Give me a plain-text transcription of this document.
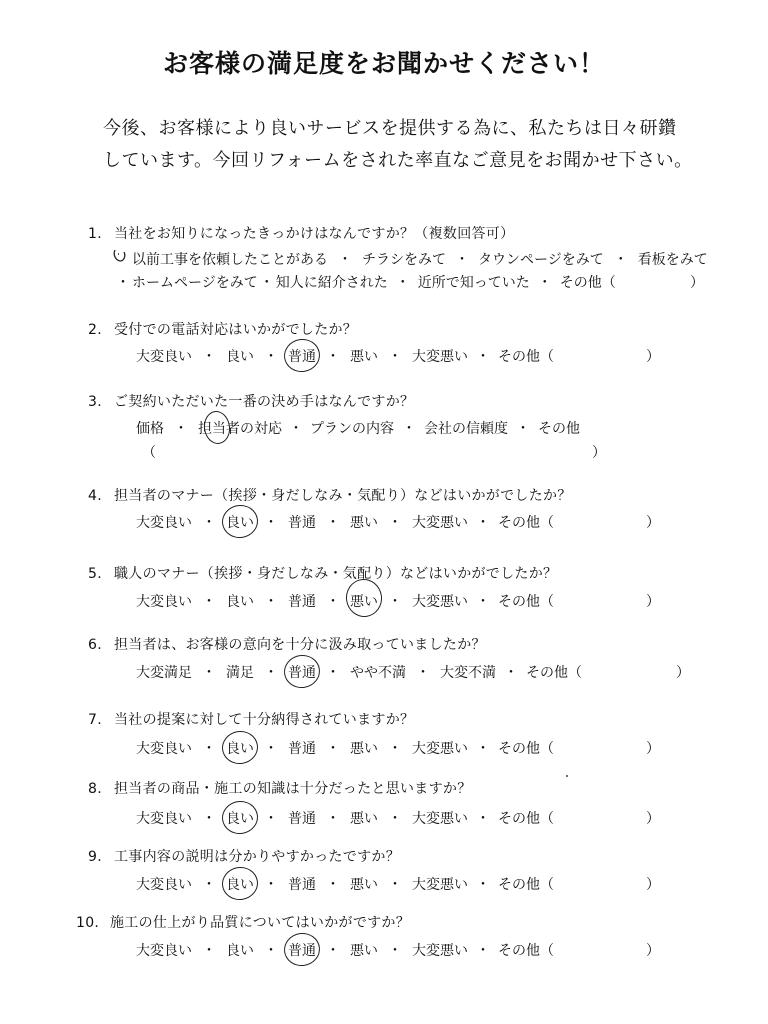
お客様の満足度をお聞かせください！
今後、お客様により良いサービスを提供する為に、私たちは日々研鑽
しています。今回リフォームをされた率直なご意見をお聞かせ下さい。
1. 当社をお知りになったきっかけはなんですか？（複数回答可）
以前工事を依頼したことがある ・ チラシをみて ・ タウンページをみて ・ 看板をみて
・ ホームページをみて ・ 知人に紹介された ・ 近所で知っていた ・ その他（	）
2. 受付での電話対応はいかがでしたか？
大変良い ・ 良い ・ 普通 ・ 悪い ・ 大変悪い ・ その他（	）
3. ご契約いただいた一番の決め手はなんですか？
価格 ・ 担当者の対応 ・ プランの内容 ・ 会社の信頼度 ・ その他
（	）
4. 担当者のマナー（挨拶・身だしなみ・気配り）などはいかがでしたか？
大変良い ・ 良い ・ 普通 ・ 悪い ・ 大変悪い ・ その他（	）
5. 職人のマナー（挨拶・身だしなみ・気配り）などはいかがでしたか？
大変良い ・ 良い ・ 普通 ・ 悪い ・ 大変悪い ・ その他（	）
6. 担当者は、お客様の意向を十分に汲み取っていましたか？
大変満足 ・ 満足 ・ 普通 ・ やや不満 ・ 大変不満 ・ その他（	）
7. 当社の提案に対して十分納得されていますか？
大変良い ・ 良い ・ 普通 ・ 悪い ・ 大変悪い ・ その他（	）
8. 担当者の商品・施工の知識は十分だったと思いますか？
大変良い ・ 良い ・ 普通 ・ 悪い ・ 大変悪い ・ その他（	）
9. 工事内容の説明は分かりやすかったですか？
大変良い ・ 良い ・ 普通 ・ 悪い ・ 大変悪い ・ その他（	）
10. 施工の仕上がり品質についてはいかがですか？
大変良い ・ 良い ・ 普通 ・ 悪い ・ 大変悪い ・ その他（	）
